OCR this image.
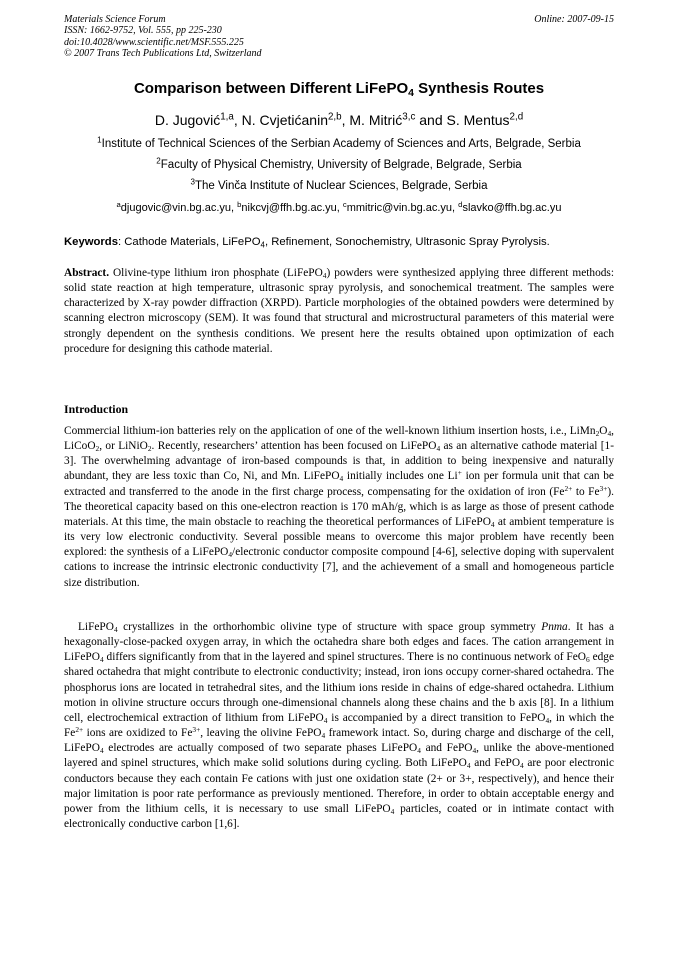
Materials Science Forum
ISSN: 1662-9752, Vol. 555, pp 225-230
doi:10.4028/www.scientific.net/MSF.555.225
© 2007 Trans Tech Publications Ltd, Switzerland
Online: 2007-09-15
Comparison between Different LiFePO$_4$ Synthesis Routes
D. Jugović$^{1,a}$, N. Cvjetićanin$^{2,b}$, M. Mitrić$^{3,c}$ and S. Mentus$^{2,d}$
$^1$Institute of Technical Sciences of the Serbian Academy of Sciences and Arts, Belgrade, Serbia
$^2$Faculty of Physical Chemistry, University of Belgrade, Belgrade, Serbia
$^3$The Vinča Institute of Nuclear Sciences, Belgrade, Serbia
$^a$djugovic@vin.bg.ac.yu, $^b$nikcvj@ffh.bg.ac.yu, $^c$mmitric@vin.bg.ac.yu, $^d$slavko@ffh.bg.ac.yu
Keywords: Cathode Materials, LiFePO$_4$, Refinement, Sonochemistry, Ultrasonic Spray Pyrolysis.
Abstract. Olivine-type lithium iron phosphate (LiFePO$_4$) powders were synthesized applying three different methods: solid state reaction at high temperature, ultrasonic spray pyrolysis, and sonochemical treatment. The samples were characterized by X-ray powder diffraction (XRPD). Particle morphologies of the obtained powders were determined by scanning electron microscopy (SEM). It was found that structural and microstructural parameters of this material were strongly dependent on the synthesis conditions. We present here the results obtained upon optimization of each procedure for designing this cathode material.
Introduction
Commercial lithium-ion batteries rely on the application of one of the well-known lithium insertion hosts, i.e., $LiMn_2O_4$, LiCoO$_2$, or LiNiO$_2$. Recently, researchers’ attention has been focused on LiFePO$_4$ as an alternative cathode material [1-3]. The overwhelming advantage of iron-based compounds is that, in addition to being inexpensive and naturally abundant, they are less toxic than Co, Ni, and Mn. LiFePO$_4$ initially includes one Li+ ion per formula unit that can be extracted and transferred to the anode in the first charge process, compensating for the oxidation of iron ($Fe^{2+}$ to $Fe^{3+}$). The theoretical capacity based on this one-electron reaction is 170 mAh/g, which is as large as those of present cathode materials. At this time, the main obstacle to reaching the theoretical performances of LiFePO$_4$ at ambient temperature is its very low electronic conductivity. Several possible means to overcome this major problem have recently been explored: the synthesis of a LiFePO$_4$/electronic conductor composite compound [4-6], selective doping with supervalent cations to increase the intrinsic electronic conductivity [7], and the achievement of a small and homogeneous particle size distribution.
LiFePO$_4$ crystallizes in the orthorhombic olivine type of structure with space group symmetry Pnma. It has a hexagonally-close-packed oxygen array, in which the octahedra share both edges and faces. The cation arrangement in LiFePO$_4$ differs significantly from that in the layered and spinel structures. There is no continuous network of FeO$_6$ edge shared octahedra that might contribute to electronic conductivity; instead, iron ions occupy corner-shared octahedra. The phosphorus ions are located in tetrahedral sites, and the lithium ions reside in chains of edge-shared octahedra. Lithium motion in olivine structure occurs through one-dimensional channels along these chains and the b axis [8]. In a lithium cell, electrochemical extraction of lithium from LiFePO$_4$ is accompanied by a direct transition to FePO$_4$, in which the $Fe^{2+}$ ions are oxidized to $Fe^{3+}$, leaving the olivine FePO$_4$ framework intact. So, during charge and discharge of the cell, LiFePO$_4$ electrodes are actually composed of two separate phases LiFePO$_4$ and FePO$_4$, unlike the above-mentioned layered and spinel structures, which make solid solutions during cycling. Both LiFePO$_4$ and FePO$_4$ are poor electronic conductors because they each contain Fe cations with just one oxidation state (2+ or 3+, respectively), and hence their major limitation is poor rate performance as previously mentioned. Therefore, in order to obtain acceptable energy and power from the lithium cells, it is necessary to use small LiFePO$_4$ particles, coated or in intimate contact with electronically conductive carbon [1,6].
